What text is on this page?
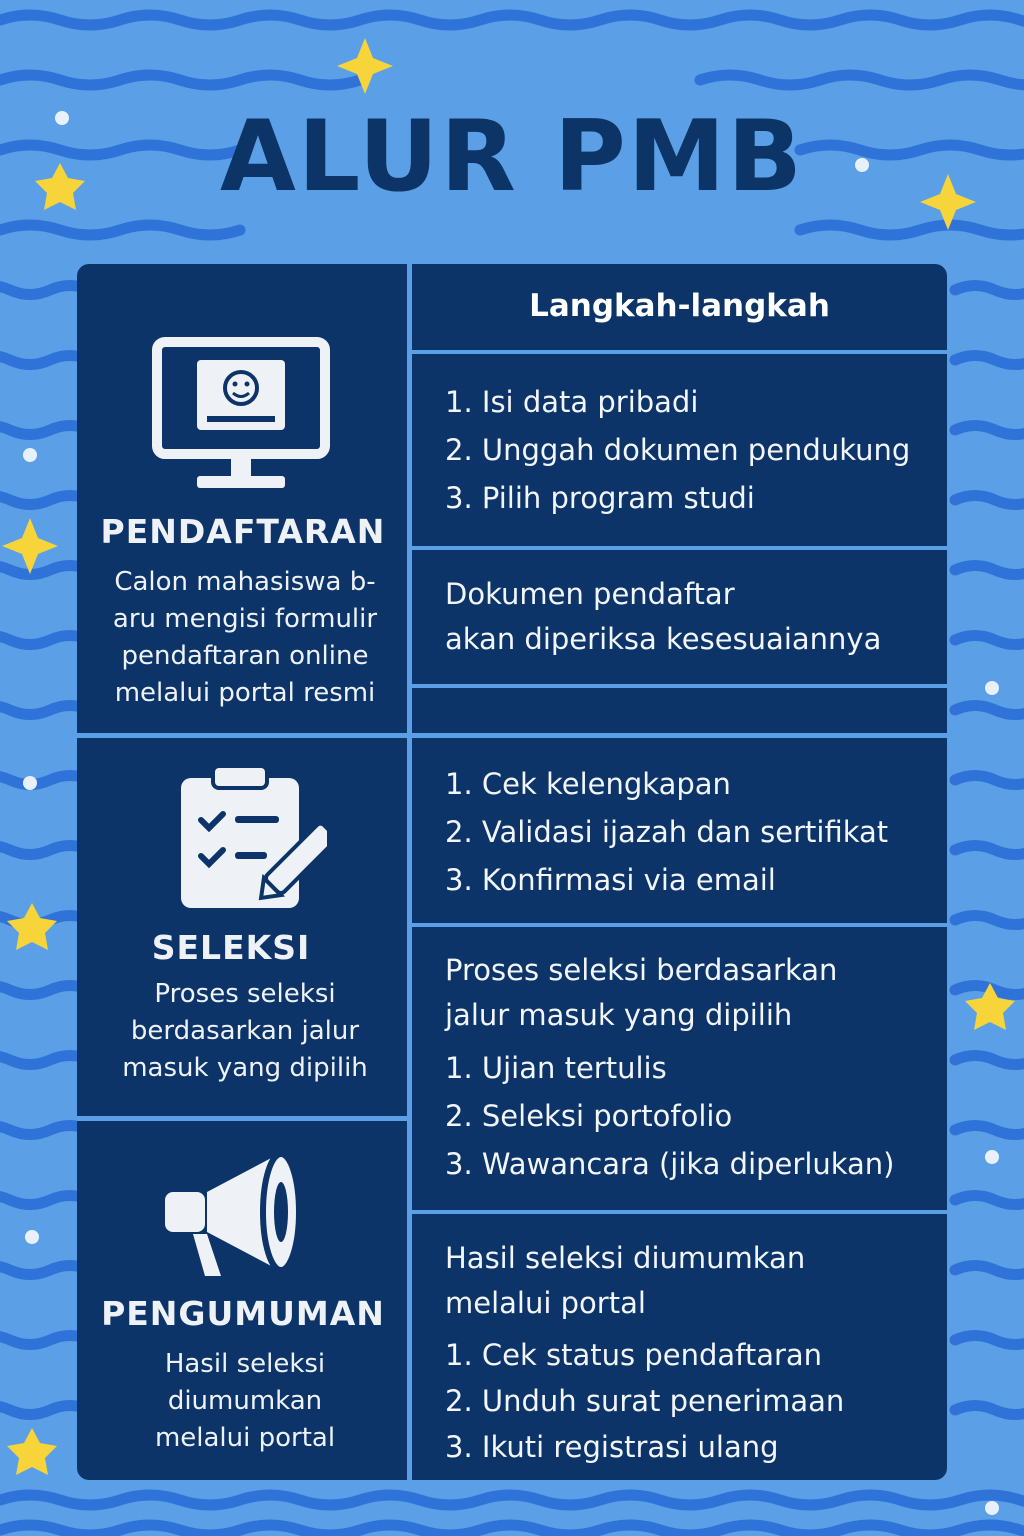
ALUR PMB
Langkah-langkah
PENDAFTARAN
Calon mahasiswa b-
aru mengisi formulir
pendaftaran online
melalui portal resmi
1. Isi data pribadi
2. Unggah dokumen pendukung
3. Pilih program studi
Dokumen pendaftar
akan diperiksa kesesuaiannya
SELEKSI
Proses seleksi
berdasarkan jalur
masuk yang dipilih
1. Cek kelengkapan
2. Validasi ijazah dan sertifikat
3. Konfirmasi via email
Proses seleksi berdasarkan
jalur masuk yang dipilih
1. Ujian tertulis
2. Seleksi portofolio
3. Wawancara (jika diperlukan)
PENGUMUMAN
Hasil seleksi
diumumkan
melalui portal
Hasil seleksi diumumkan
melalui portal
1. Cek status pendaftaran
2. Unduh surat penerimaan
3. Ikuti registrasi ulang
